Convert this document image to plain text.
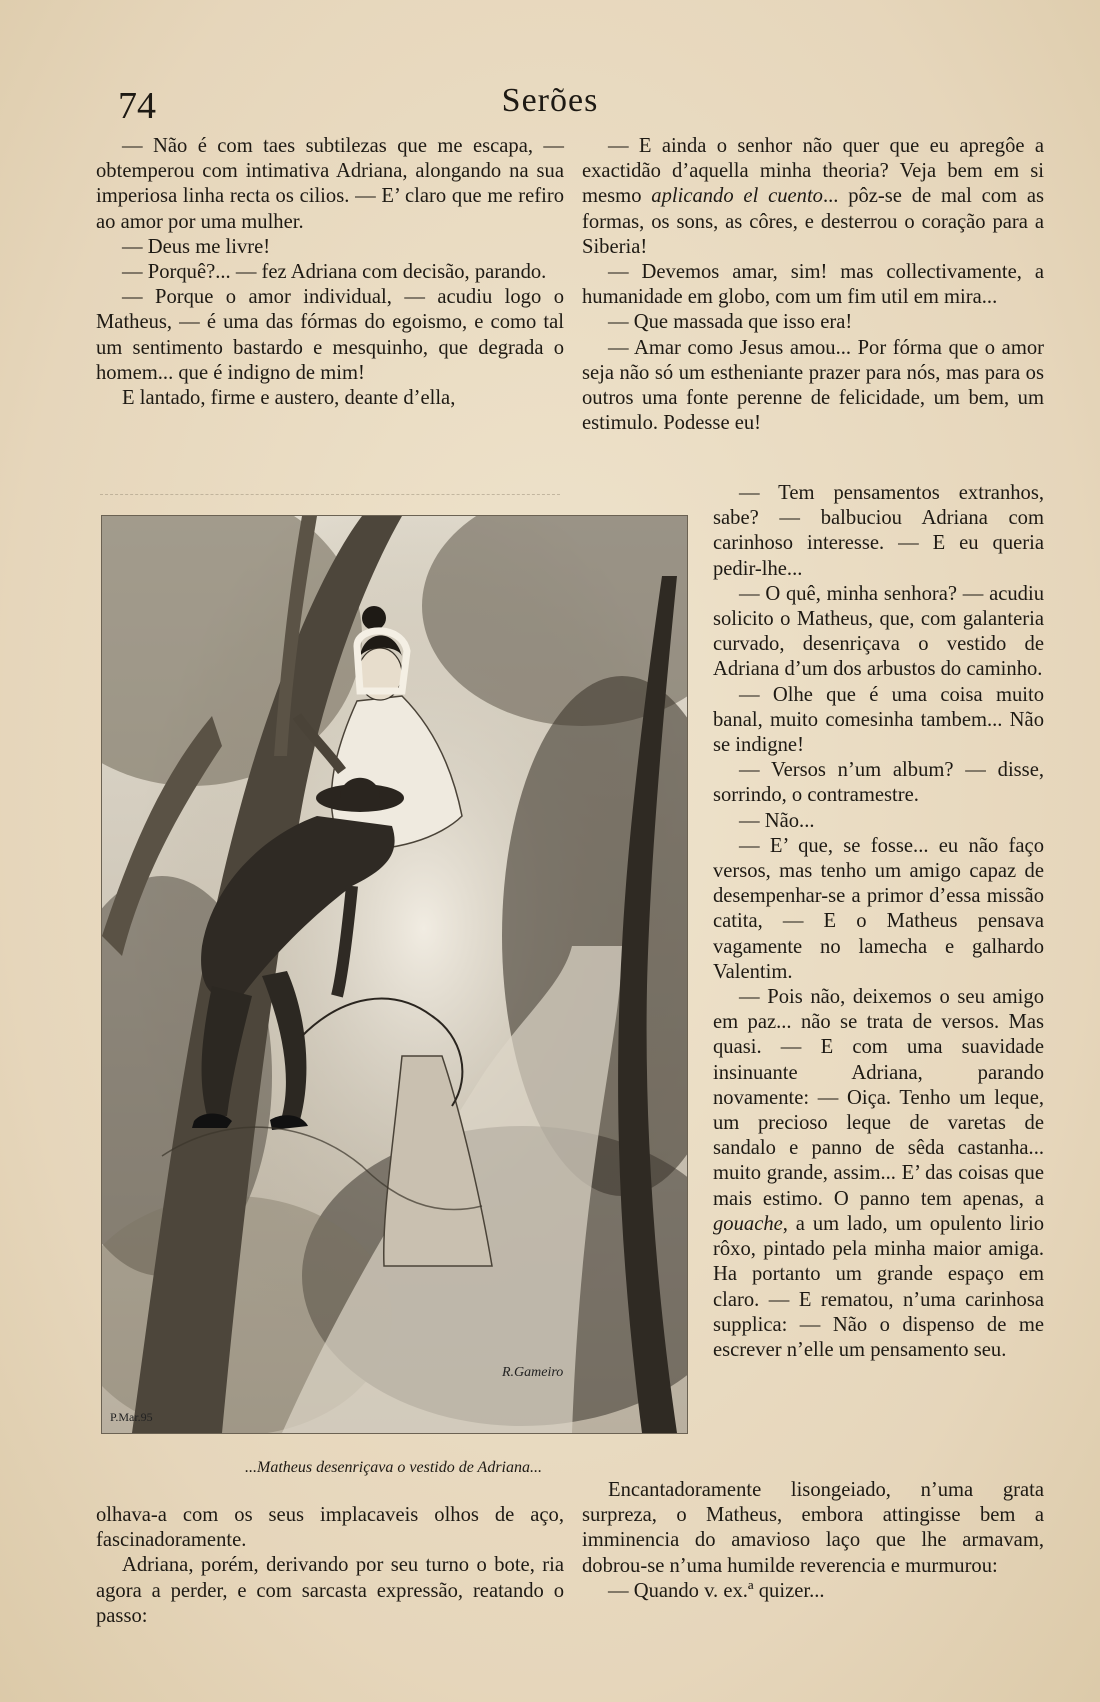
74	Serões

— Não é com taes subtilezas que me escapa, — obtemperou com intimativa Adriana, alongando na sua imperiosa linha recta os cilios. — E’ claro que me refiro ao amor por uma mulher.

— Deus me livre!

— Porquê?... — fez Adriana com decisão, parando.

— Porque o amor individual, — acudiu logo o Matheus, — é uma das fórmas do egoismo, e como tal um sentimento bastardo e mesquinho, que degrada o homem... que é indigno de mim!

E lantado, firme e austero, deante d’ella,

— E ainda o senhor não quer que eu apregôe a exactidão d’aquella minha theoria? Veja bem em si mesmo aplicando el cuento... pôz-se de mal com as formas, os sons, as côres, e desterrou o coração para a Siberia!

— Devemos amar, sim! mas collectivamente, a humanidade em globo, com um fim util em mira...

— Que massada que isso era!

— Amar como Jesus amou... Por fórma que o amor seja não só um estheniante prazer para nós, mas para os outros uma fonte perenne de felicidade, um bem, um estimulo. Podesse eu!

— Tem pensamentos extranhos, sabe? — balbuciou Adriana com carinhoso interesse. — E eu queria pedir-lhe...

— O quê, minha senhora? — acudiu solicito o Matheus, que, com galanteria curvado, desenriçava o vestido de Adriana d’um dos arbustos do caminho.

— Olhe que é uma coisa muito banal, muito comesinha tambem... Não se indigne!

— Versos n’um album? — disse, sorrindo, o contramestre.

— Não...

— E’ que, se fosse... eu não faço versos, mas tenho um amigo capaz de desempenhar-se a primor d’essa missão catita, — E o Matheus pensava vagamente no lamecha e galhardo Valentim.

— Pois não, deixemos o seu amigo em paz... não se trata de versos. Mas quasi. — E com uma suavidade insinuante Adriana, parando novamente: — Oiça. Tenho um leque, um precioso leque de varetas de sandalo e panno de sêda castanha... muito grande, assim... E’ das coisas que mais estimo. O panno tem apenas, a gouache, a um lado, um opulento lirio rôxo, pintado pela minha maior amiga. Ha portanto um grande espaço em claro. — E rematou, n’uma carinhosa supplica: — Não o dispenso de me escrever n’elle um pensamento seu.

P.Mar.95
R.Gameiro
...Matheus desenriçava o vestido de Adriana...

olhava-a com os seus implacaveis olhos de aço, fascinadoramente.

Adriana, porém, derivando por seu turno o bote, ria agora a perder, e com sarcasta expressão, reatando o passo:

Encantadoramente lisongeiado, n’uma grata surpreza, o Matheus, embora attingisse bem a imminencia do amavioso laço que lhe armavam, dobrou-se n’uma humilde reverencia e murmurou:

— Quando v. ex.ª quizer...
